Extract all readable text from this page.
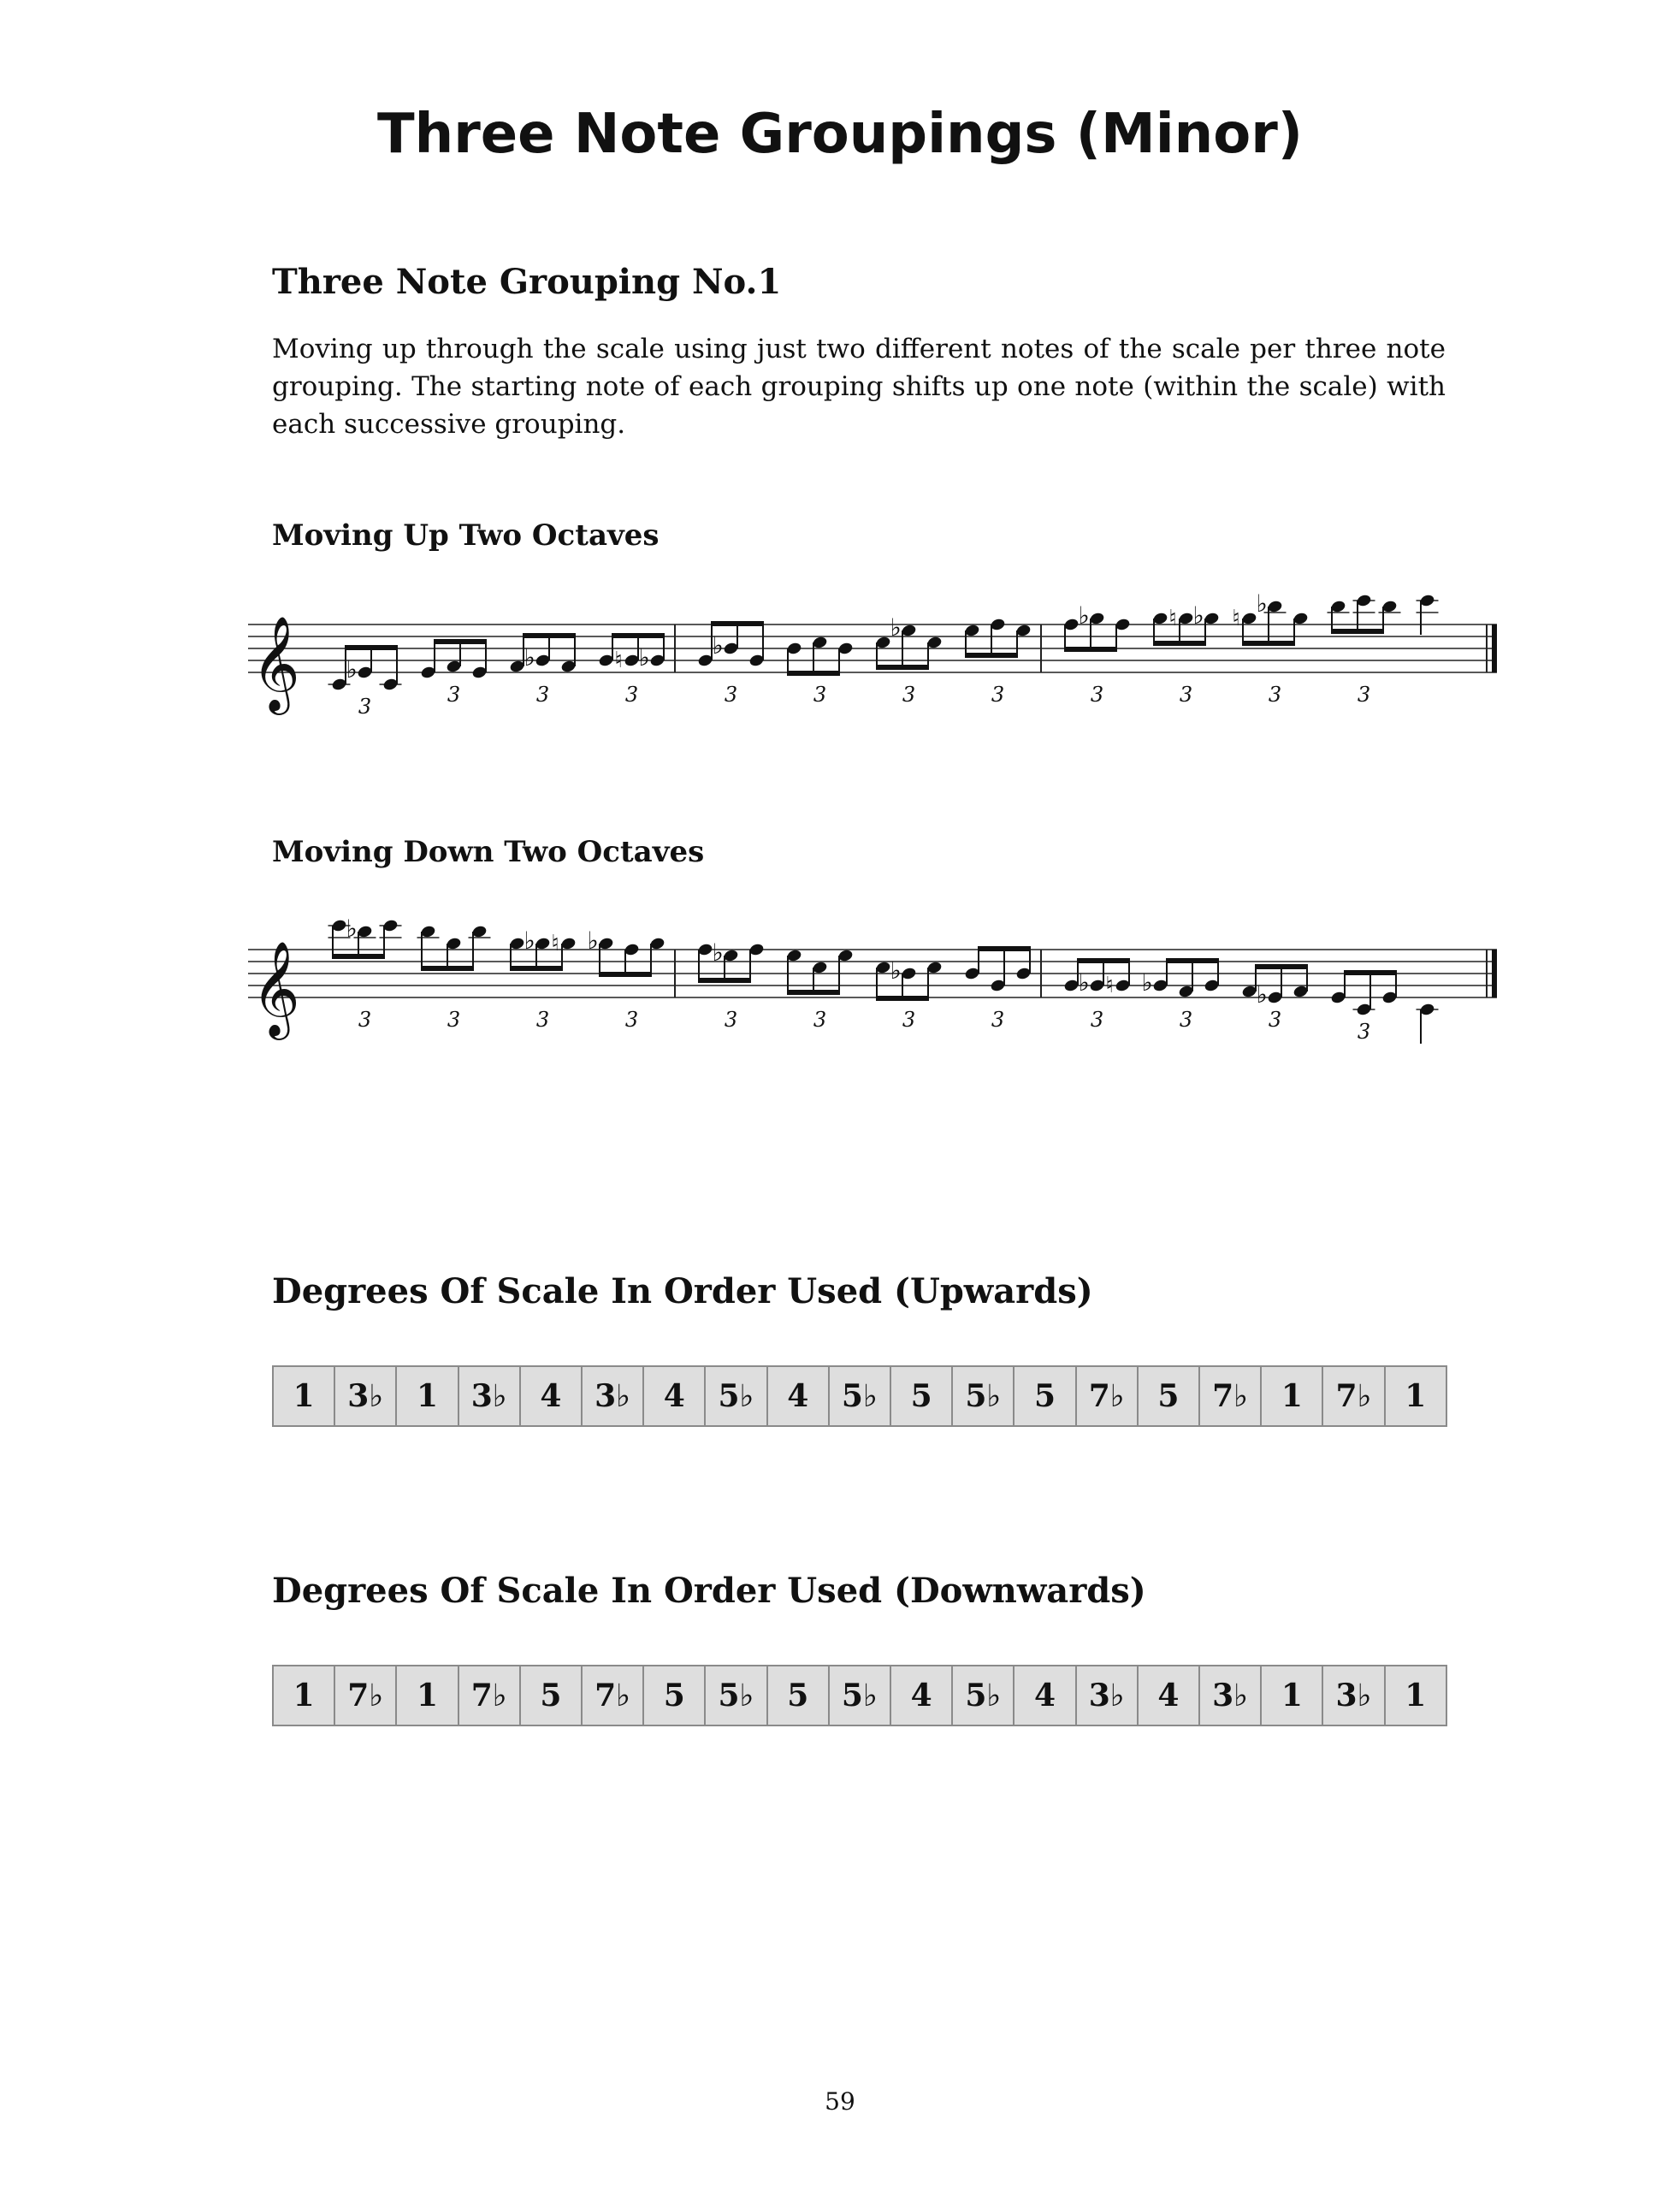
Three Note Groupings (Minor)
Three Note Grouping No.1
Moving up through the scale using just two different notes of the scale per three note grouping. The starting note of each grouping shifts up one note (within the scale) with each successive grouping.
Moving Up Two Octaves
𝄞 ♭
3	3
♭
3
♮ ♭
3
♭
3	3
♭
3	3
♭
3
♮ ♭
3
♮
♭
3	3
Moving Down Two Octaves
𝄞
♭
3	3
♭ ♮
3
♭
3
♭
3	3
♭
3	3
♭ ♮
3
♭
3
♭
3	3
Degrees Of Scale In Order Used (Upwards)
1	3♭	1	3♭	4	3♭	4	5♭	4	5♭	5	5♭	5	7♭	5	7♭	1	7♭	1
Degrees Of Scale In Order Used (Downwards)
1	7♭	1	7♭	5	7♭	5	5♭	5	5♭	4	5♭	4	3♭	4	3♭	1	3♭	1
59
